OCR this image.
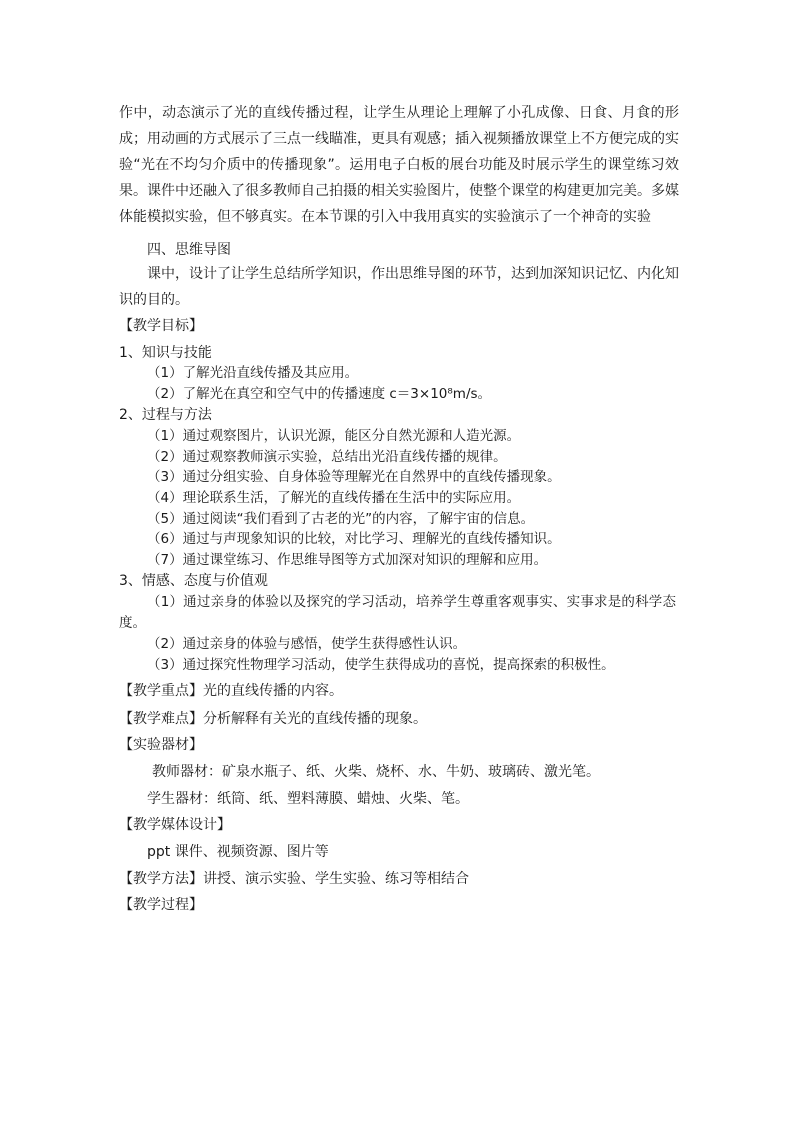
作中，动态演示了光的直线传播过程，让学生从理论上理解了小孔成像、日食、月食的形成；用动画的方式展示了三点一线瞄准，更具有观感；插入视频播放课堂上不方便完成的实验“光在不均匀介质中的传播现象”。运用电子白板的展台功能及时展示学生的课堂练习效果。课件中还融入了很多教师自己拍摄的相关实验图片，使整个课堂的构建更加完美。多媒体能模拟实验，但不够真实。在本节课的引入中我用真实的实验演示了一个神奇的实验

四、思维导图

课中，设计了让学生总结所学知识，作出思维导图的环节，达到加深知识记忆、内化知识的目的。

【教学目标】
1、知识与技能
（1）了解光沿直线传播及其应用。
（2）了解光在真空和空气中的传播速度 c＝3×10⁸m/s。
2、过程与方法
（1）通过观察图片，认识光源，能区分自然光源和人造光源。
（2）通过观察教师演示实验，总结出光沿直线传播的规律。
（3）通过分组实验、自身体验等理解光在自然界中的直线传播现象。
（4）理论联系生活，了解光的直线传播在生活中的实际应用。
（5）通过阅读“我们看到了古老的光”的内容，了解宇宙的信息。
（6）通过与声现象知识的比较，对比学习、理解光的直线传播知识。
（7）通过课堂练习、作思维导图等方式加深对知识的理解和应用。
3、情感、态度与价值观

（1）通过亲身的体验以及探究的学习活动，培养学生尊重客观事实、实事求是的科学态度。

（2）通过亲身的体验与感悟，使学生获得感性认识。
（3）通过探究性物理学习活动，使学生获得成功的喜悦，提高探索的积极性。
【教学重点】光的直线传播的内容。
【教学难点】分析解释有关光的直线传播的现象。
【实验器材】
教师器材：矿泉水瓶子、纸、火柴、烧杯、水、牛奶、玻璃砖、激光笔。
学生器材：纸筒、纸、塑料薄膜、蜡烛、火柴、笔。
【教学媒体设计】
ppt 课件、视频资源、图片等
【教学方法】讲授、演示实验、学生实验、练习等相结合
【教学过程】
